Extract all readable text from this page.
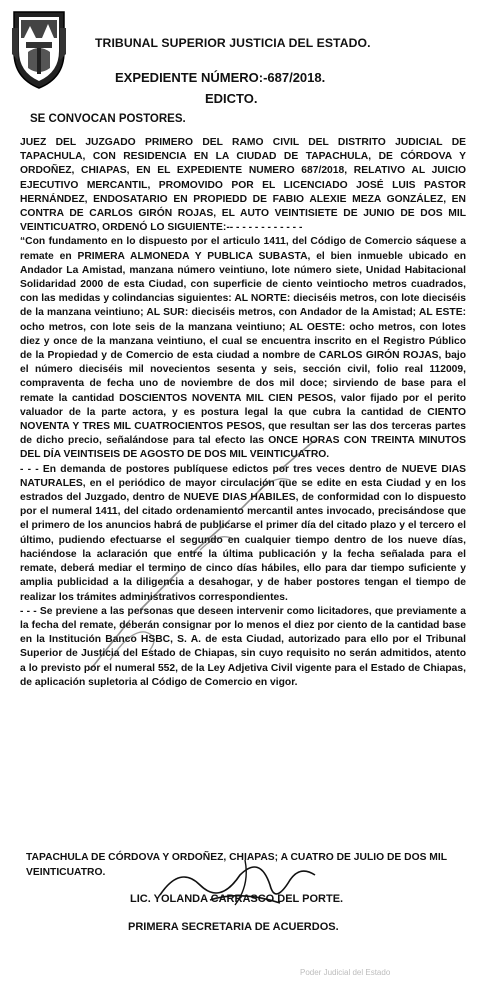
TRIBUNAL SUPERIOR JUSTICIA DEL ESTADO.
EXPEDIENTE NÚMERO:-687/2018.
EDICTO.
SE CONVOCAN POSTORES.

JUEZ DEL JUZGADO PRIMERO DEL RAMO CIVIL DEL DISTRITO JUDICIAL DE TAPACHULA, CON RESIDENCIA EN LA CIUDAD DE TAPACHULA, DE CÓRDOVA Y ORDOÑEZ, CHIAPAS, EN EL EXPEDIENTE NUMERO 687/2018, RELATIVO AL JUICIO EJECUTIVO MERCANTIL, PROMOVIDO POR EL LICENCIADO JOSÉ LUIS PASTOR HERNÁNDEZ, ENDOSATARIO EN PROPIEDD DE FABIO ALEXIE MEZA GONZÁLEZ, EN CONTRA DE CARLOS GIRÓN ROJAS, EL AUTO VEINTISIETE DE JUNIO DE DOS MIL VEINTICUATRO, ORDENÓ LO SIGUIENTE:-- - - - - - - - - - - -

“Con fundamento en lo dispuesto por el articulo 1411, del Código de Comercio sáquese a remate en PRIMERA ALMONEDA Y PUBLICA SUBASTA, el bien inmueble ubicado en Andador La Amistad, manzana número veintiuno, lote número siete, Unidad Habitacional Solidaridad 2000 de esta Ciudad, con superficie de ciento veintiocho metros cuadrados, con las medidas y colindancias siguientes: AL NORTE: dieciséis metros, con lote dieciséis de la manzana veintiuno; AL SUR: dieciséis metros, con Andador de la Amistad; AL ESTE: ocho metros, con lote seis de la manzana veintiuno; AL OESTE: ocho metros, con lotes diez y once de la manzana veintiuno, el cual se encuentra inscrito en el Registro Público de la Propiedad y de Comercio de esta ciudad a nombre de CARLOS GIRÓN ROJAS, bajo el número dieciséis mil novecientos sesenta y seis, sección civil, folio real 112009, compraventa de fecha uno de noviembre de dos mil doce; sirviendo de base para el remate la cantidad DOSCIENTOS NOVENTA MIL CIEN PESOS, valor fijado por el perito valuador de la parte actora, y es postura legal la que cubra la cantidad de CIENTO NOVENTA Y TRES MIL CUATROCIENTOS PESOS, que resultan ser las dos terceras partes de dicho precio, señalándose para tal efecto las ONCE HORAS CON TREINTA MINUTOS DEL DÍA VEINTISEIS DE AGOSTO DE DOS MIL VEINTICUATRO.

- - - En demanda de postores publíquese edictos por tres veces dentro de NUEVE DIAS NATURALES, en el periódico de mayor circulación que se edite en esta Ciudad y en los estrados del Juzgado, dentro de NUEVE DIAS HABILES, de conformidad con lo dispuesto por el numeral 1411, del citado ordenamiento mercantil antes invocado, precisándose que el primero de los anuncios habrá de publicarse el primer día del citado plazo y el tercero el último, pudiendo efectuarse el segundo en cualquier tiempo dentro de los nueve días, haciéndose la aclaración que entre la última publicación y la fecha señalada para el remate, deberá mediar el termino de cinco días hábiles, ello para dar tiempo suficiente y amplia publicidad a la diligencia a desahogar, y de haber postores tengan el tiempo de realizar los trámites administrativos correspondientes.

- - - Se previene a las personas que deseen intervenir como licitadores, que previamente a la fecha del remate, deberán consignar por lo menos el diez por ciento de la cantidad base en la Institución Banco HSBC, S. A. de esta Ciudad, autorizado para ello por el Tribunal Superior de Justicia del Estado de Chiapas, sin cuyo requisito no serán admitidos, atento a lo previsto por el numeral 552, de la Ley Adjetiva Civil vigente para el Estado de Chiapas, de aplicación supletoria al Código de Comercio en vigor.

TAPACHULA DE CÓRDOVA Y ORDOÑEZ, CHIAPAS; A CUATRO DE JULIO DE DOS MIL VEINTICUATRO.
LIC. YOLANDA CARRASCO DEL PORTE.
PRIMERA SECRETARIA DE ACUERDOS.
Poder Judicial del Estado
